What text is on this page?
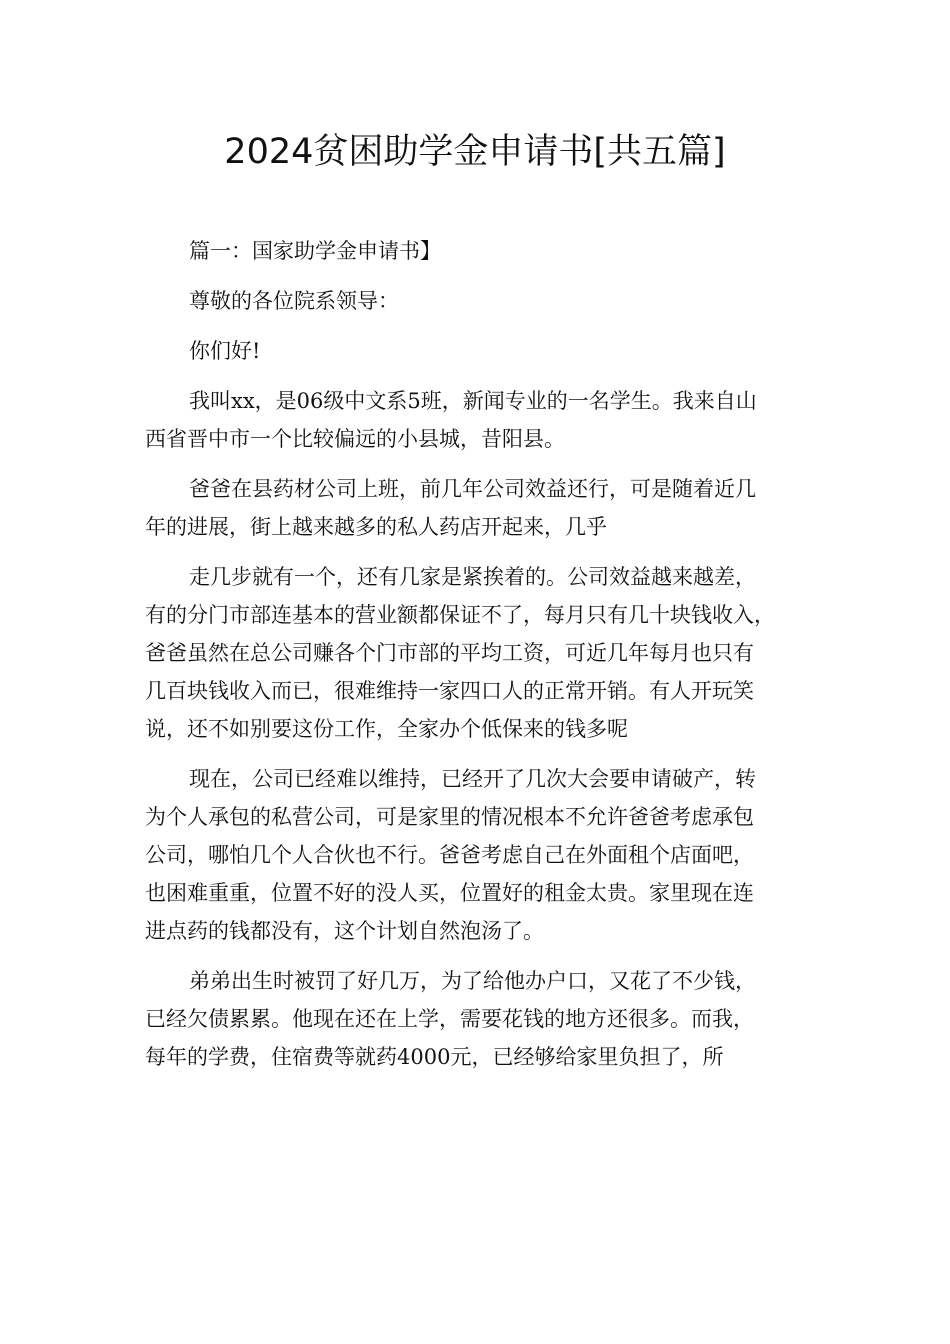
2024贫困助学金申请书[共五篇]
篇一：国家助学金申请书】
尊敬的各位院系领导：
你们好!
我叫xx，是06级中文系5班，新闻专业的一名学生。我来自山
西省晋中市一个比较偏远的小县城，昔阳县。
爸爸在县药材公司上班，前几年公司效益还行，可是随着近几
年的进展，街上越来越多的私人药店开起来，几乎
走几步就有一个，还有几家是紧挨着的。公司效益越来越差，
有的分门市部连基本的营业额都保证不了，每月只有几十块钱收入，
爸爸虽然在总公司赚各个门市部的平均工资，可近几年每月也只有
几百块钱收入而已，很难维持一家四口人的正常开销。有人开玩笑
说，还不如别要这份工作，全家办个低保来的钱多呢
现在，公司已经难以维持，已经开了几次大会要申请破产，转
为个人承包的私营公司，可是家里的情况根本不允许爸爸考虑承包
公司，哪怕几个人合伙也不行。爸爸考虑自己在外面租个店面吧，
也困难重重，位置不好的没人买，位置好的租金太贵。家里现在连
进点药的钱都没有，这个计划自然泡汤了。
弟弟出生时被罚了好几万，为了给他办户口，又花了不少钱，
已经欠债累累。他现在还在上学，需要花钱的地方还很多。而我，
每年的学费，住宿费等就药4000元，已经够给家里负担了，所
